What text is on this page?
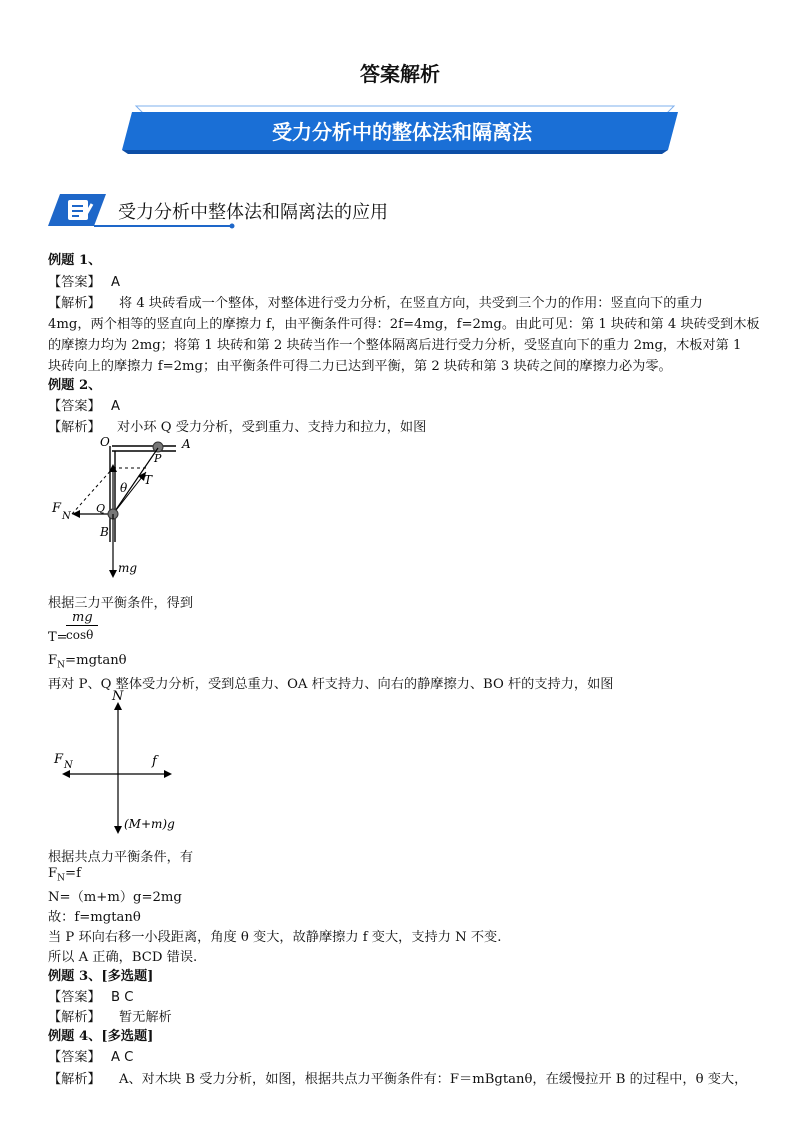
答案解析
受力分析中的整体法和隔离法
受力分析中整体法和隔离法的应用
例题 1、
【答案】 A
【解析】 将 4 块砖看成一个整体，对整体进行受力分析，在竖直方向，共受到三个力的作用：竖直向下的重力
4mg，两个相等的竖直向上的摩擦力 f，由平衡条件可得：2f=4mg，f=2mg。由此可见：第 1 块砖和第 4 块砖受到木板
的摩擦力均为 2mg；将第 1 块砖和第 2 块砖当作一个整体隔离后进行受力分析，受竖直向下的重力 2mg，木板对第 1
块砖向上的摩擦力 f=2mg；由平衡条件可得二力已达到平衡，第 2 块砖和第 3 块砖之间的摩擦力必为零。
例题 2、
【答案】 A
【解析】 对小环 Q 受力分析，受到重力、支持力和拉力，如图
O	A
P
T
θ
F
N
Q
B
mg
根据三力平衡条件，得到
T=
mg
cosθ
$F_N=mgtan\theta$
再对 P、Q 整体受力分析，受到总重力、OA 杆支持力、向右的静摩擦力、BO 杆的支持力，如图
N
F N	f
(M+m)g
根据共点力平衡条件，有
$F_N=f$
N=（m+m）g=2mg
故：f=mgtanθ
当 P 环向右移一小段距离，角度 θ 变大，故静摩擦力 f 变大，支持力 N 不变.
所以 A 正确，BCD 错误.
例题 3、[多选题]
【答案】 B C
【解析】 暂无解析
例题 4、[多选题]
【答案】 A C
【解析】 A、对木块 B 受力分析，如图，根据共点力平衡条件有：F＝mBgtanθ，在缓慢拉开 B 的过程中，θ 变大，
